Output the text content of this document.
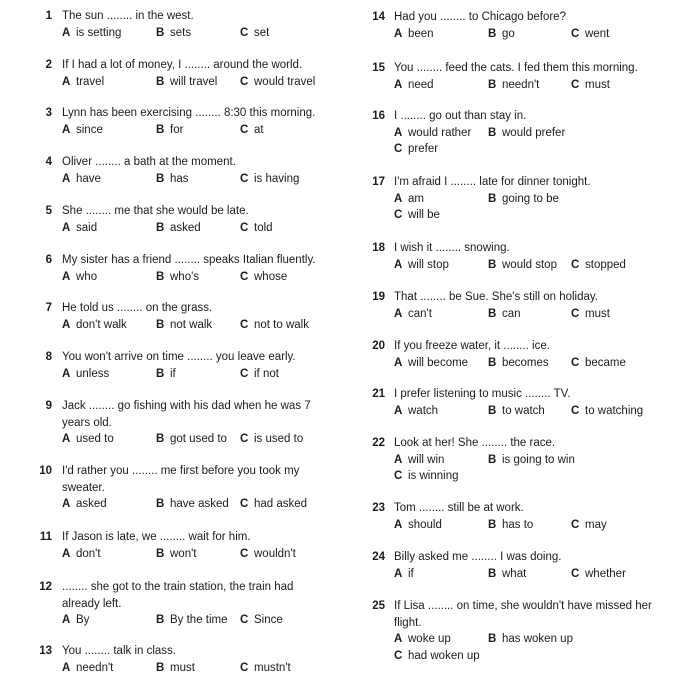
1 The sun ........ in the west.
A is setting	B sets	C set
2 If I had a lot of money, I ........ around the world.
A travel	B will travel C would travel
3 Lynn has been exercising ........ 8:30 this morning.
A since	B for	C at
4 Oliver ........ a bath at the moment.
A have	B has	C is having
5 She ........ me that she would be late.
A said	B asked	C told
6 My sister has a friend ........ speaks Italian fluently.
A who	B who's	C whose
7 He told us ........ on the grass.
A don't walk	B not walk C not to walk
8 You won't arrive on time ........ you leave early.
A unless	B if	C if not
9 Jack ........ go fishing with his dad when he was 7 years old.
A used to	B got used to C is used to
10 I'd rather you ........ me first before you took my sweater.
A asked	B have asked C had asked
11 If Jason is late, we ........ wait for him.
A don't	B won't	C wouldn't
12 ........ she got to the train station, the train had already left.
A By	B By the time C Since
13 You ........ talk in class.
A needn't	B must	C mustn't
14 Had you ........ to Chicago before?
A been	B go	C went
15 You ........ feed the cats. I fed them this morning.
A need	B needn't	C must
16 I ........ go out than stay in.
A would rather B would prefer
C prefer
17 I'm afraid I ........ late for dinner tonight.
A am	B going to be
C will be
18 I wish it ........ snowing.
A will stop	B would stop C stopped
19 That ........ be Sue. She's still on holiday.
A can't	B can	C must
20 If you freeze water, it ........ ice.
A will become B becomes C became
21 I prefer listening to music ........ TV.
A watch	B to watch C to watching
22 Look at her! She ........ the race.
A will win	B is going to win
C is winning
23 Tom ........ still be at work.
A should	B has to	C may
24 Billy asked me ........ I was doing.
A if	B what	C whether
25 If Lisa ........ on time, she wouldn't have missed her flight.
A woke up	B has woken up
C had woken up
